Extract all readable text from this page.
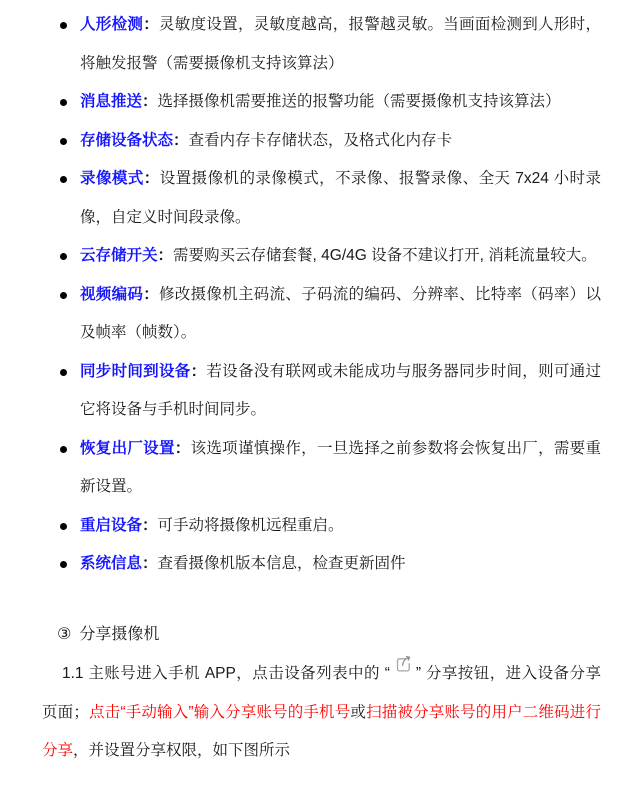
人形检测：灵敏度设置，灵敏度越高，报警越灵敏。当画面检测到人形时，将触发报警（需要摄像机支持该算法）
消息推送：选择摄像机需要推送的报警功能（需要摄像机支持该算法）
存储设备状态：查看内存卡存储状态，及格式化内存卡
录像模式：设置摄像机的录像模式，不录像、报警录像、全天 7x24 小时录像，自定义时间段录像。
云存储开关：需要购买云存储套餐, 4G/4G 设备不建议打开, 消耗流量较大。
视频编码：修改摄像机主码流、子码流的编码、分辨率、比特率（码率）以及帧率（帧数）。
同步时间到设备：若设备没有联网或未能成功与服务器同步时间，则可通过它将设备与手机时间同步。
恢复出厂设置：该选项谨慎操作，一旦选择之前参数将会恢复出厂，需要重新设置。
重启设备：可手动将摄像机远程重启。
系统信息：查看摄像机版本信息，检查更新固件
③ 分享摄像机

1.1 主账号进入手机 APP，点击设备列表中的 “ ” 分享按钮，进入设备分享页面；点击“手动输入”输入分享账号的手机号或扫描被分享账号的用户二维码进行分享，并设置分享权限，如下图所示
